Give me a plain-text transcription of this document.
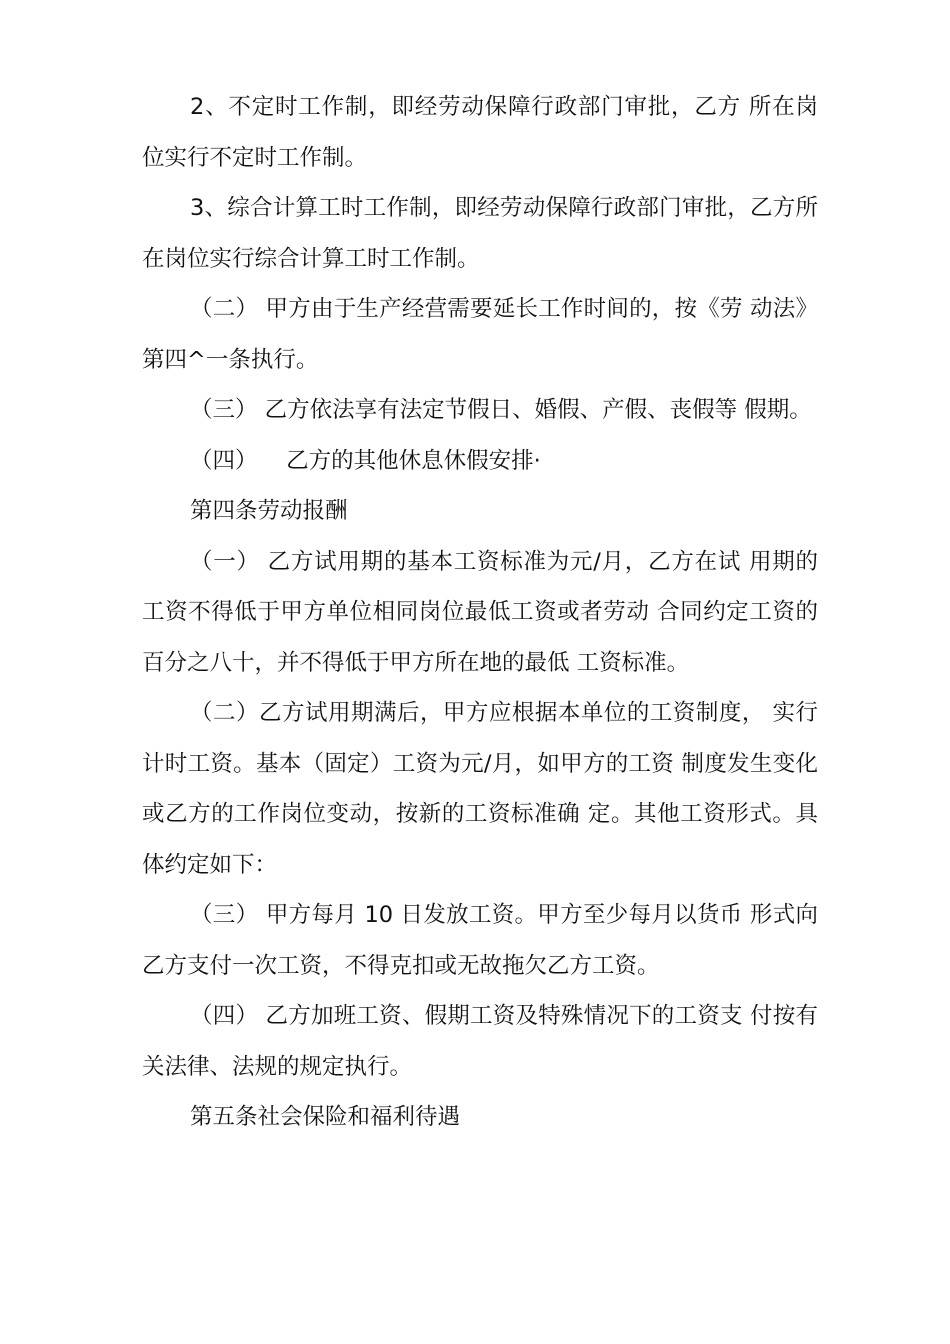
2、不定时工作制，即经劳动保障行政部门审批，乙方 所在岗位实行不定时工作制。

3、综合计算工时工作制，即经劳动保障行政部门审批，乙方所在岗位实行综合计算工时工作制。

（二） 甲方由于生产经营需要延长工作时间的，按《劳 动法》第四^一条执行。

（三） 乙方依法享有法定节假日、婚假、产假、丧假等 假期。

（四）    乙方的其他休息休假安排·

第四条劳动报酬

（一） 乙方试用期的基本工资标准为元/月，乙方在试 用期的工资不得低于甲方单位相同岗位最低工资或者劳动 合同约定工资的百分之八十，并不得低于甲方所在地的最低 工资标准。

（二）乙方试用期满后，甲方应根据本单位的工资制度， 实行计时工资。基本（固定）工资为元/月，如甲方的工资 制度发生变化或乙方的工作岗位变动，按新的工资标准确 定。其他工资形式。具体约定如下：

（三） 甲方每月 10 日发放工资。甲方至少每月以货币 形式向乙方支付一次工资，不得克扣或无故拖欠乙方工资。

（四） 乙方加班工资、假期工资及特殊情况下的工资支 付按有关法律、法规的规定执行。

第五条社会保险和福利待遇
